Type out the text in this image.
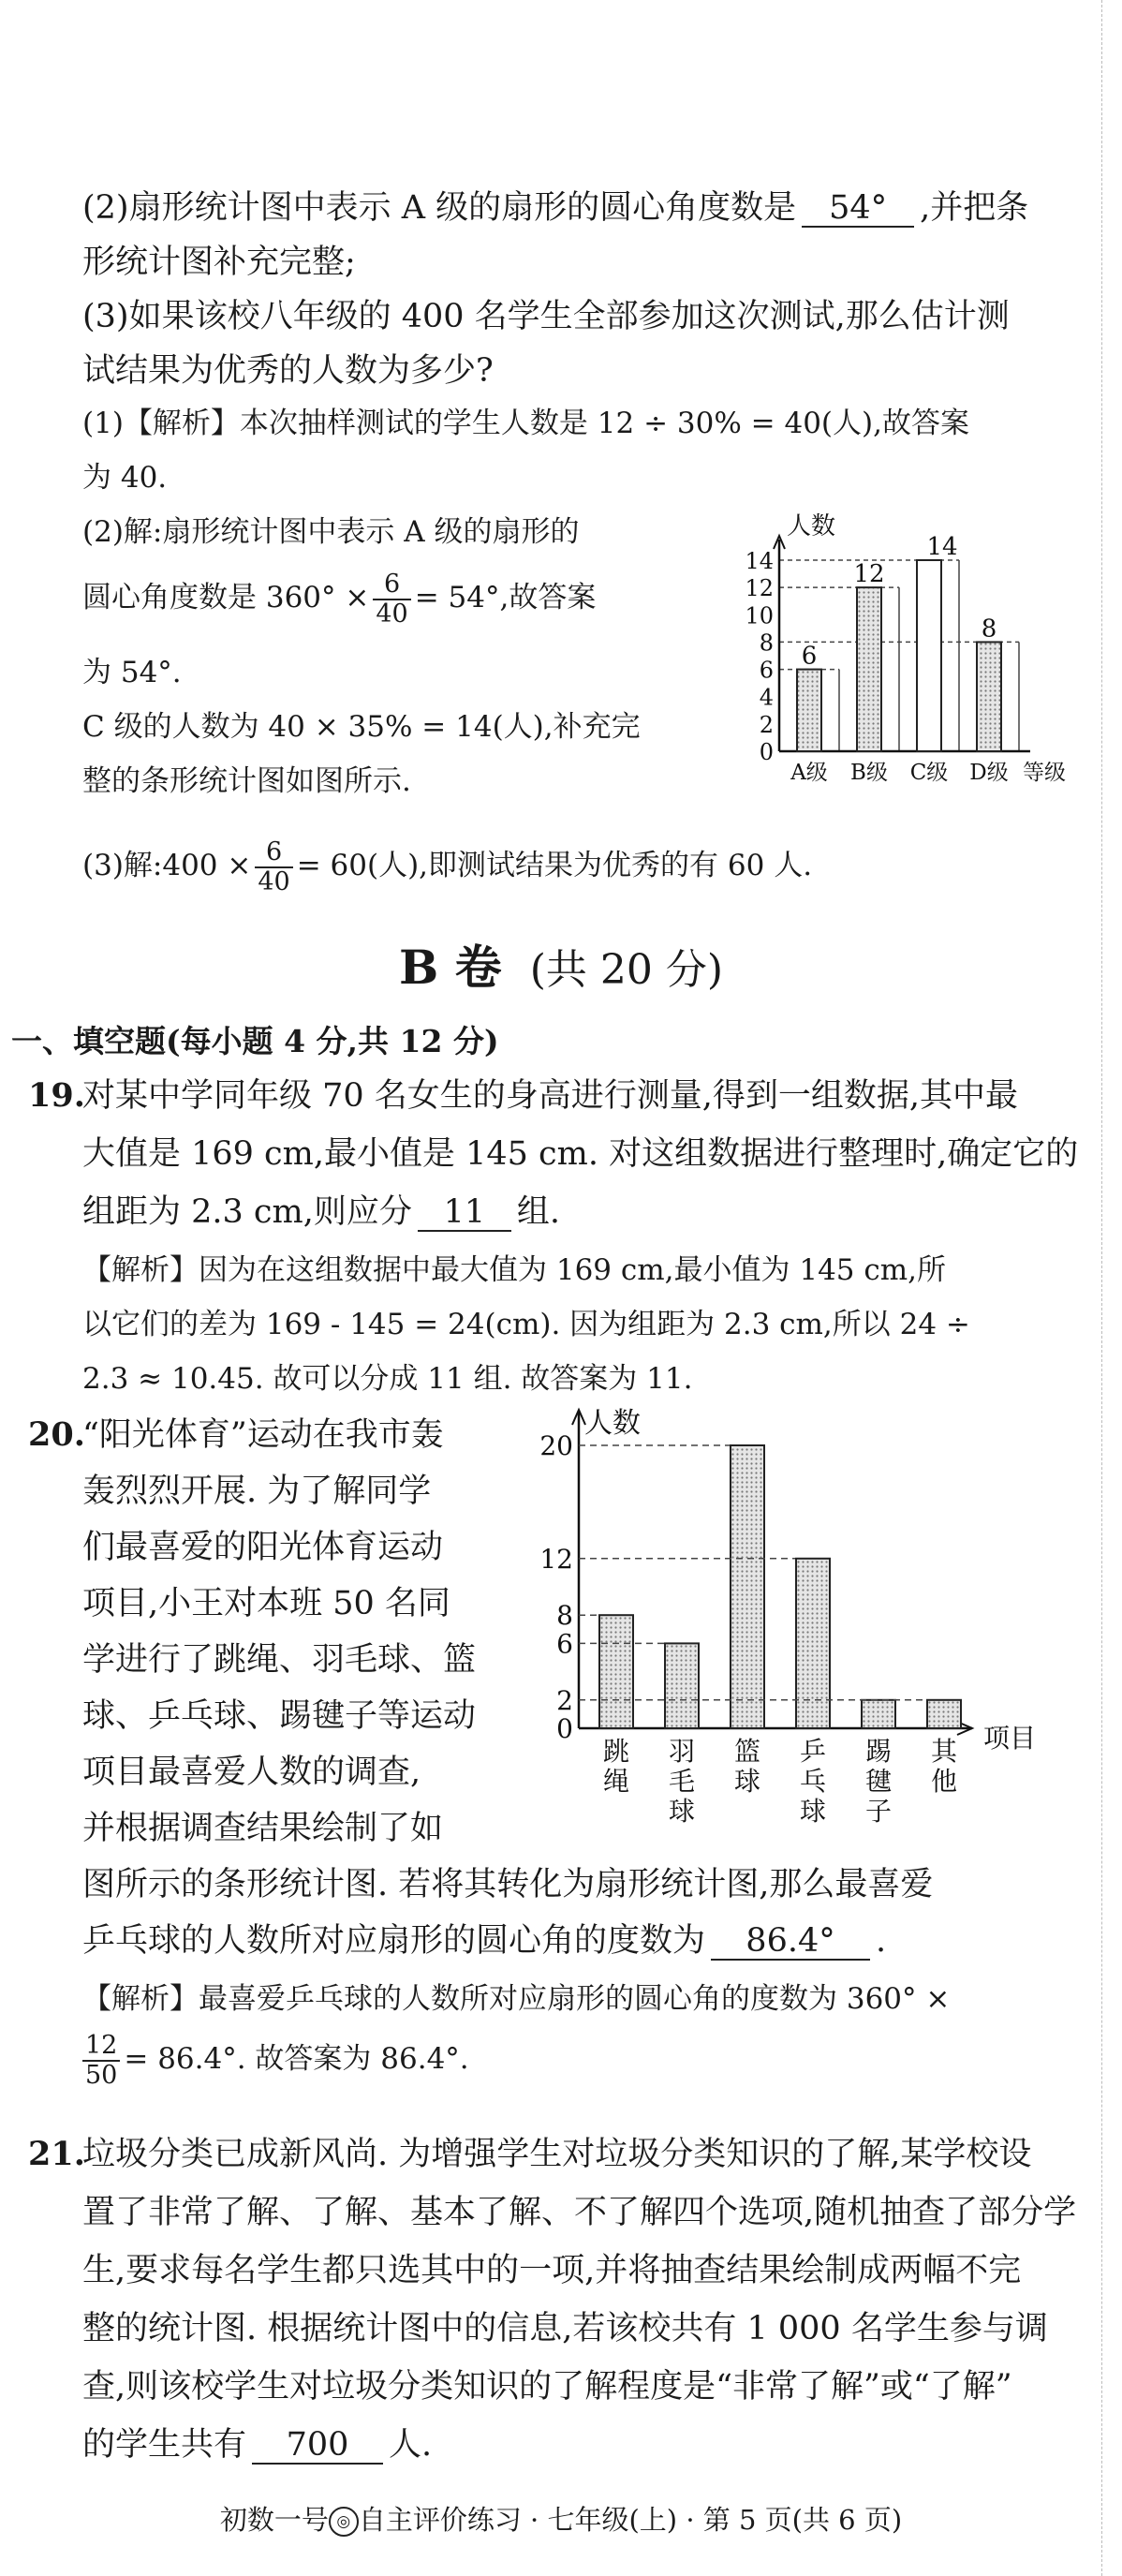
(2)扇形统计图中表示 A 级的扇形的圆心角度数是 54° ,并把条
形统计图补充完整;
(3)如果该校八年级的 400 名学生全部参加这次测试,那么估计测
试结果为优秀的人数为多少?
(1)【解析】本次抽样测试的学生人数是 12 ÷ 30% = 40(人),故答案
为 40.
(2)解:扇形统计图中表示 A 级的扇形的
圆心角度数是 $360^\circ \times \frac{6}{40} = 54^\circ$,故答案
为 54°.
C 级的人数为 40 × 35% = 14(人),补充完
整的条形统计图如图所示.
(3)解:400 × $\frac{6}{40} = 60$(人),即测试结果为优秀的有 60 人.
人数
0
2
4
6
8
10
12
14
6
A级
12
B级
14
C级
8
D级 等级
B 卷 (共 20 分)
一、填空题(每小题 4 分,共 12 分)
19.
对某中学同年级 70 名女生的身高进行测量,得到一组数据,其中最
大值是 169 cm,最小值是 145 cm. 对这组数据进行整理时,确定它的
组距为 2.3 cm,则应分 11 组.
【解析】因为在这组数据中最大值为 169 cm,最小值为 145 cm,所
以它们的差为 169 - 145 = 24(cm). 因为组距为 2.3 cm,所以 24 ÷
2.3 ≈ 10.45. 故可以分成 11 组. 故答案为 11.
20.
“阳光体育”运动在我市轰
轰烈烈开展. 为了解同学
们最喜爱的阳光体育运动
项目,小王对本班 50 名同
学进行了跳绳、羽毛球、篮
球、乒乓球、踢毽子等运动
项目最喜爱人数的调查,
并根据调查结果绘制了如
图所示的条形统计图. 若将其转化为扇形统计图,那么最喜爱
乒乓球的人数所对应扇形的圆心角的度数为 86.4° .
【解析】最喜爱乒乓球的人数所对应扇形的圆心角的度数为 360° ×
$\frac{12}{50} = 86.4^\circ$. 故答案为 86.4°.
人数
项目
0
2
6
8
12
20
跳
绳
羽
毛
球
篮
球
乒
乓
球
踢
毽
子
其
他
21.
垃圾分类已成新风尚. 为增强学生对垃圾分类知识的了解,某学校设
置了非常了解、了解、基本了解、不了解四个选项,随机抽查了部分学
生,要求每名学生都只选其中的一项,并将抽查结果绘制成两幅不完
整的统计图. 根据统计图中的信息,若该校共有 1 000 名学生参与调
查,则该校学生对垃圾分类知识的了解程度是“非常了解”或“了解”
的学生共有 700 人.
初数一号 ◎ 自主评价练习 · 七年级(上) · 第 5 页(共 6 页)
